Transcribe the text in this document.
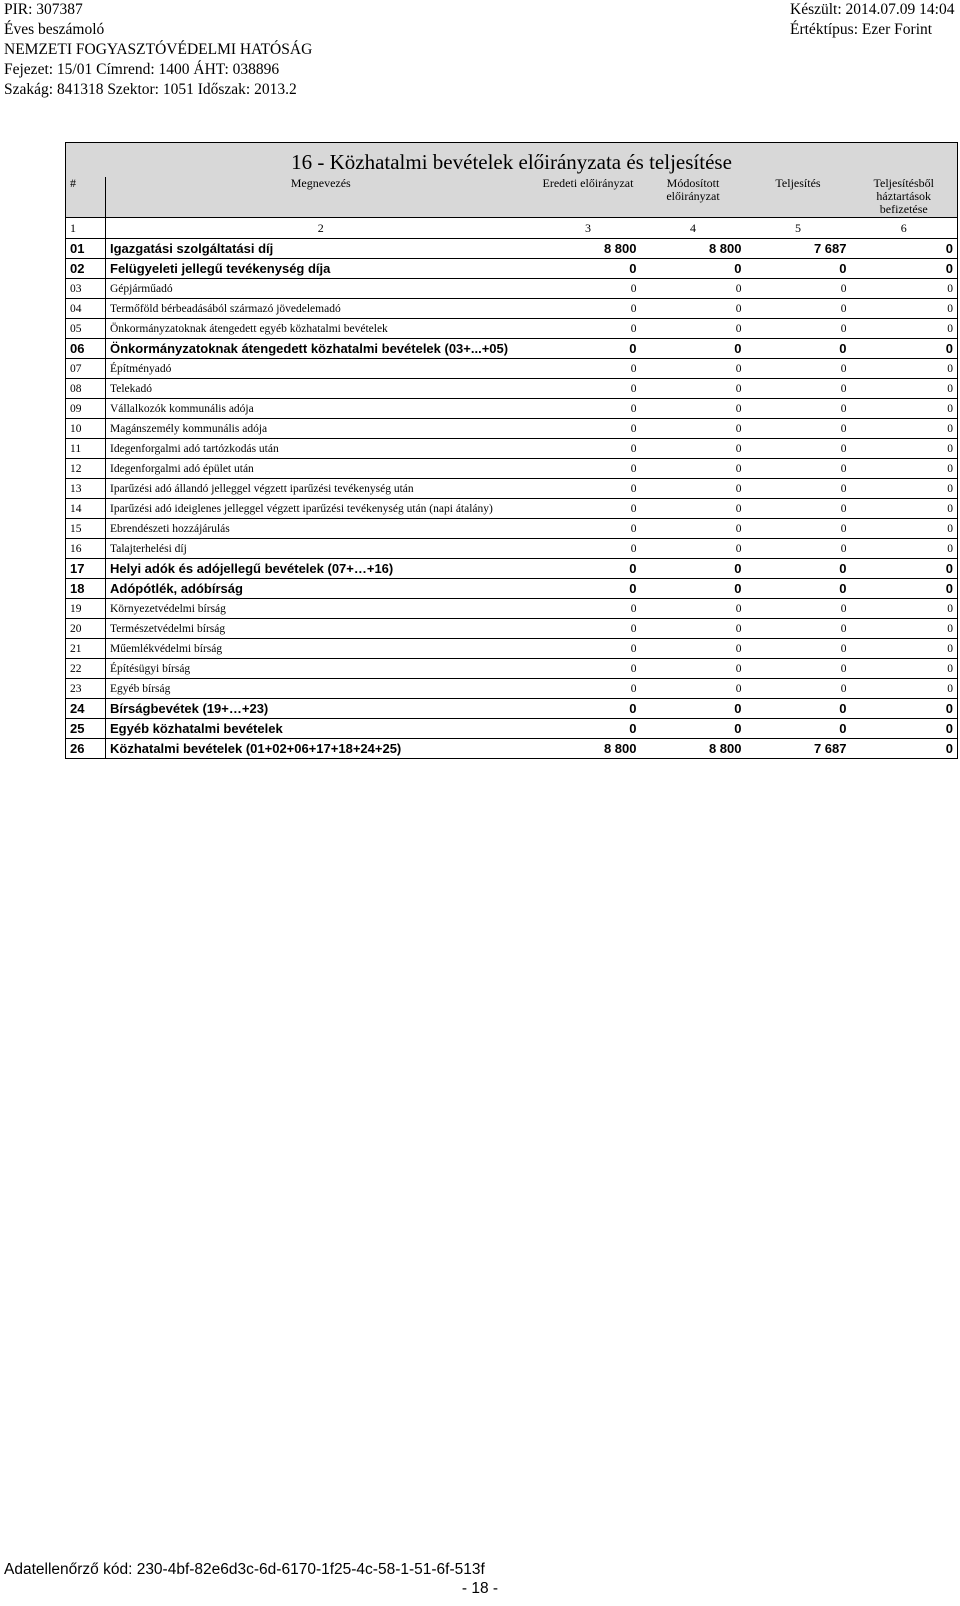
PIR: 307387
Éves beszámoló
NEMZETI FOGYASZTÓVÉDELMI HATÓSÁG
Fejezet: 15/01 Címrend: 1400 ÁHT: 038896
Szakág: 841318 Szektor: 1051 Időszak: 2013.2
Készült: 2014.07.09 14:04
Értéktípus: Ezer Forint
16 - Közhatalmi bevételek előirányzata és teljesítése					
#	Megnevezés	Eredeti előirányzat	Módosított előirányzat	Teljesítés	Teljesítésből háztartások befizetése
1	2	3	4	5	6
01	Igazgatási szolgáltatási díj	8 800	8 800	7 687	0
02	Felügyeleti jellegű tevékenység díja	0	0	0	0
03	Gépjárműadó	0	0	0	0
04	Termőföld bérbeadásából származó jövedelemadó	0	0	0	0
05	Önkormányzatoknak átengedett egyéb közhatalmi bevételek	0	0	0	0
06	Önkormányzatoknak átengedett közhatalmi bevételek (03+...+05)	0	0	0	0
07	Építményadó	0	0	0	0
08	Telekadó	0	0	0	0
09	Vállalkozók kommunális adója	0	0	0	0
10	Magánszemély kommunális adója	0	0	0	0
11	Idegenforgalmi adó tartózkodás után	0	0	0	0
12	Idegenforgalmi adó épület után	0	0	0	0
13	Iparűzési adó állandó jelleggel végzett iparűzési tevékenység után	0	0	0	0
14	Iparűzési adó ideiglenes jelleggel végzett iparűzési tevékenység után (napi átalány)	0	0	0	0
15	Ebrendészeti hozzájárulás	0	0	0	0
16	Talajterhelési díj	0	0	0	0
17	Helyi adók és adójellegű bevételek (07+…+16)	0	0	0	0
18	Adópótlék, adóbírság	0	0	0	0
19	Környezetvédelmi bírság	0	0	0	0
20	Természetvédelmi bírság	0	0	0	0
21	Műemlékvédelmi bírság	0	0	0	0
22	Építésügyi bírság	0	0	0	0
23	Egyéb bírság	0	0	0	0
24	Bírságbevétek (19+…+23)	0	0	0	0
25	Egyéb közhatalmi bevételek	0	0	0	0
26	Közhatalmi bevételek (01+02+06+17+18+24+25)	8 800	8 800	7 687	0
Adatellenőrző kód: 230-4bf-82e6d3c-6d-6170-1f25-4c-58-1-51-6f-513f
- 18 -
